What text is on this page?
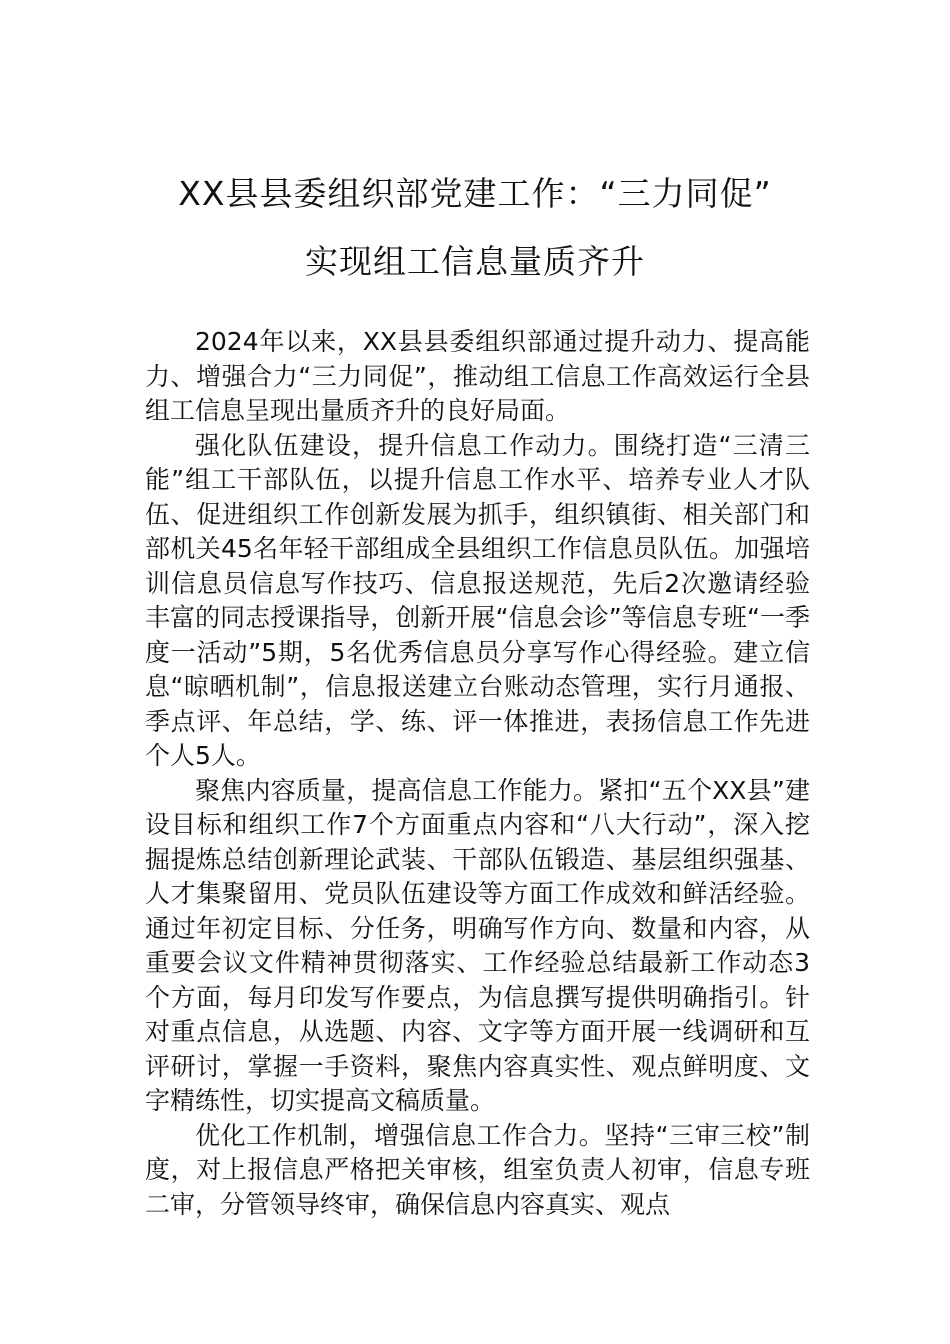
XX县县委组织部党建工作：“三力同促”
实现组工信息量质齐升

2024年以来，XX县县委组织部通过提升动力、提高能力、增强合力“三力同促”，推动组工信息工作高效运行全县组工信息呈现出量质齐升的良好局面。

强化队伍建设，提升信息工作动力。围绕打造“三清三能”组工干部队伍，以提升信息工作水平、培养专业人才队伍、促进组织工作创新发展为抓手，组织镇街、相关部门和部机关45名年轻干部组成全县组织工作信息员队伍。加强培训信息员信息写作技巧、信息报送规范，先后2次邀请经验丰富的同志授课指导，创新开展“信息会诊”等信息专班“一季度一活动”5期，5名优秀信息员分享写作心得经验。建立信息“晾晒机制”，信息报送建立台账动态管理，实行月通报、季点评、年总结，学、练、评一体推进，表扬信息工作先进个人5人。

聚焦内容质量，提高信息工作能力。紧扣“五个XX县”建设目标和组织工作7个方面重点内容和“八大行动”，深入挖掘提炼总结创新理论武装、干部队伍锻造、基层组织强基、人才集聚留用、党员队伍建设等方面工作成效和鲜活经验。通过年初定目标、分任务，明确写作方向、数量和内容，从重要会议文件精神贯彻落实、工作经验总结最新工作动态3个方面，每月印发写作要点，为信息撰写提供明确指引。针对重点信息，从选题、内容、文字等方面开展一线调研和互评研讨，掌握一手资料，聚焦内容真实性、观点鲜明度、文字精练性，切实提高文稿质量。

优化工作机制，增强信息工作合力。坚持“三审三校”制度，对上报信息严格把关审核，组室负责人初审，信息专班二审，分管领导终审，确保信息内容真实、观点
